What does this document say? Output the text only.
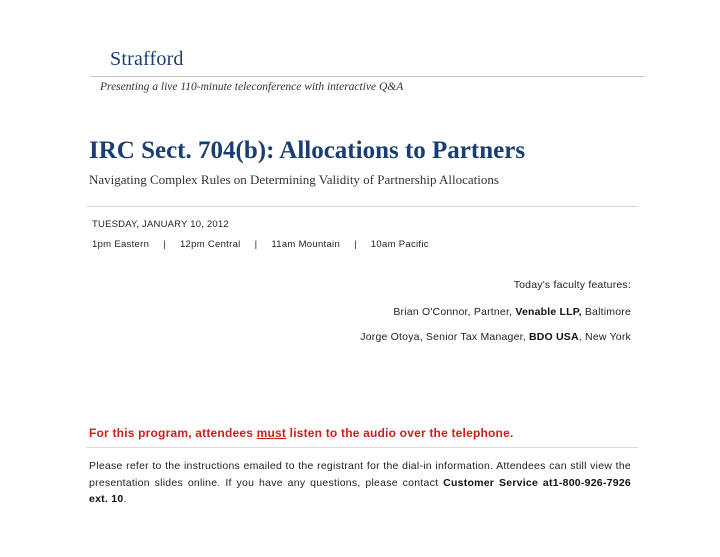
Strafford
Presenting a live 110-minute teleconference with interactive Q&A
IRC Sect. 704(b): Allocations to Partners
Navigating Complex Rules on Determining Validity of Partnership Allocations
TUESDAY, JANUARY 10, 2012
1pm Eastern | 12pm Central | 11am Mountain | 10am Pacific
Today's faculty features:
Brian O'Connor, Partner, Venable LLP, Baltimore
Jorge Otoya, Senior Tax Manager, BDO USA, New York
For this program, attendees must listen to the audio over the telephone.
Please refer to the instructions emailed to the registrant for the dial-in information. Attendees can still view the presentation slides online. If you have any questions, please contact Customer Service at1-800-926-7926 ext. 10.
